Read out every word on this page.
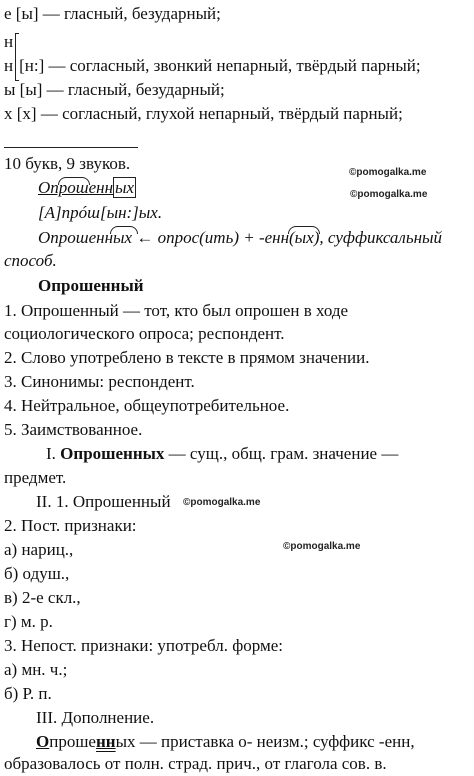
е [ы] — гласный, безударный;
н
н [н:] — согласный, звонкий непарный, твёрдый парный;
ы [ы] — гласный, безударный;
х [х] — согласный, глухой непарный, твёрдый парный;
10 букв, 9 звуков.	©pomogalka.me
Опрошенн ых	©pomogalka.me
[А]прóш[ын:]ых.
Опрошенных ← опрос(ить) + -енн(ых), суффиксальный
способ.
Опрошенный
1. Опрошенный — тот, кто был опрошен в ходе
социологического опроса; респондент.
2. Слово употреблено в тексте в прямом значении.
3. Синонимы: респондент.
4. Нейтральное, общеупотребительное.
5. Заимствованное.
I. Опрошенных — сущ., общ. грам. значение —
предмет.
II. 1. Опрошенный ©pomogalka.me
2. Пост. признаки:
©pomogalka.me
а) нариц.,
б) одуш.,
в) 2-е скл.,
г) м. р.
3. Непост. признаки: употребл. форме:
а) мн. ч.;
б) Р. п.
III. Дополнение.
Опрошенных — приставка о- неизм.; суффикс -енн,
образовалось от полн. страд. прич., от глагола сов. в.
